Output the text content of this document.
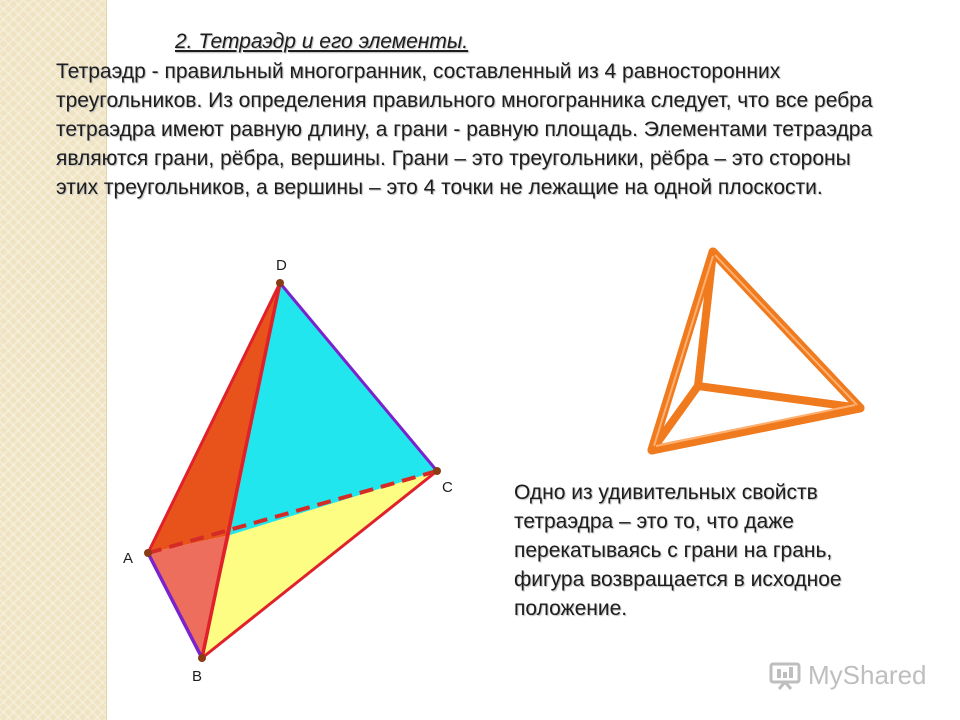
2. Тетраэдр и его элементы.

Тетраэдр - правильный многогранник, составленный из 4 равносторонних треугольников. Из определения правильного многогранника следует, что все ребра тетраэдра имеют равную длину, а грани - равную площадь. Элементами тетраэдра являются грани, рёбра, вершины. Грани – это треугольники, рёбра – это стороны этих треугольников, а вершины – это 4 точки не лежащие на одной плоскости.

D
C
A
B

Одно из удивительных свойств тетраэдра – это то, что даже перекатываясь с грани на грань, фигура возвращается в исходное положение.

MyShared
